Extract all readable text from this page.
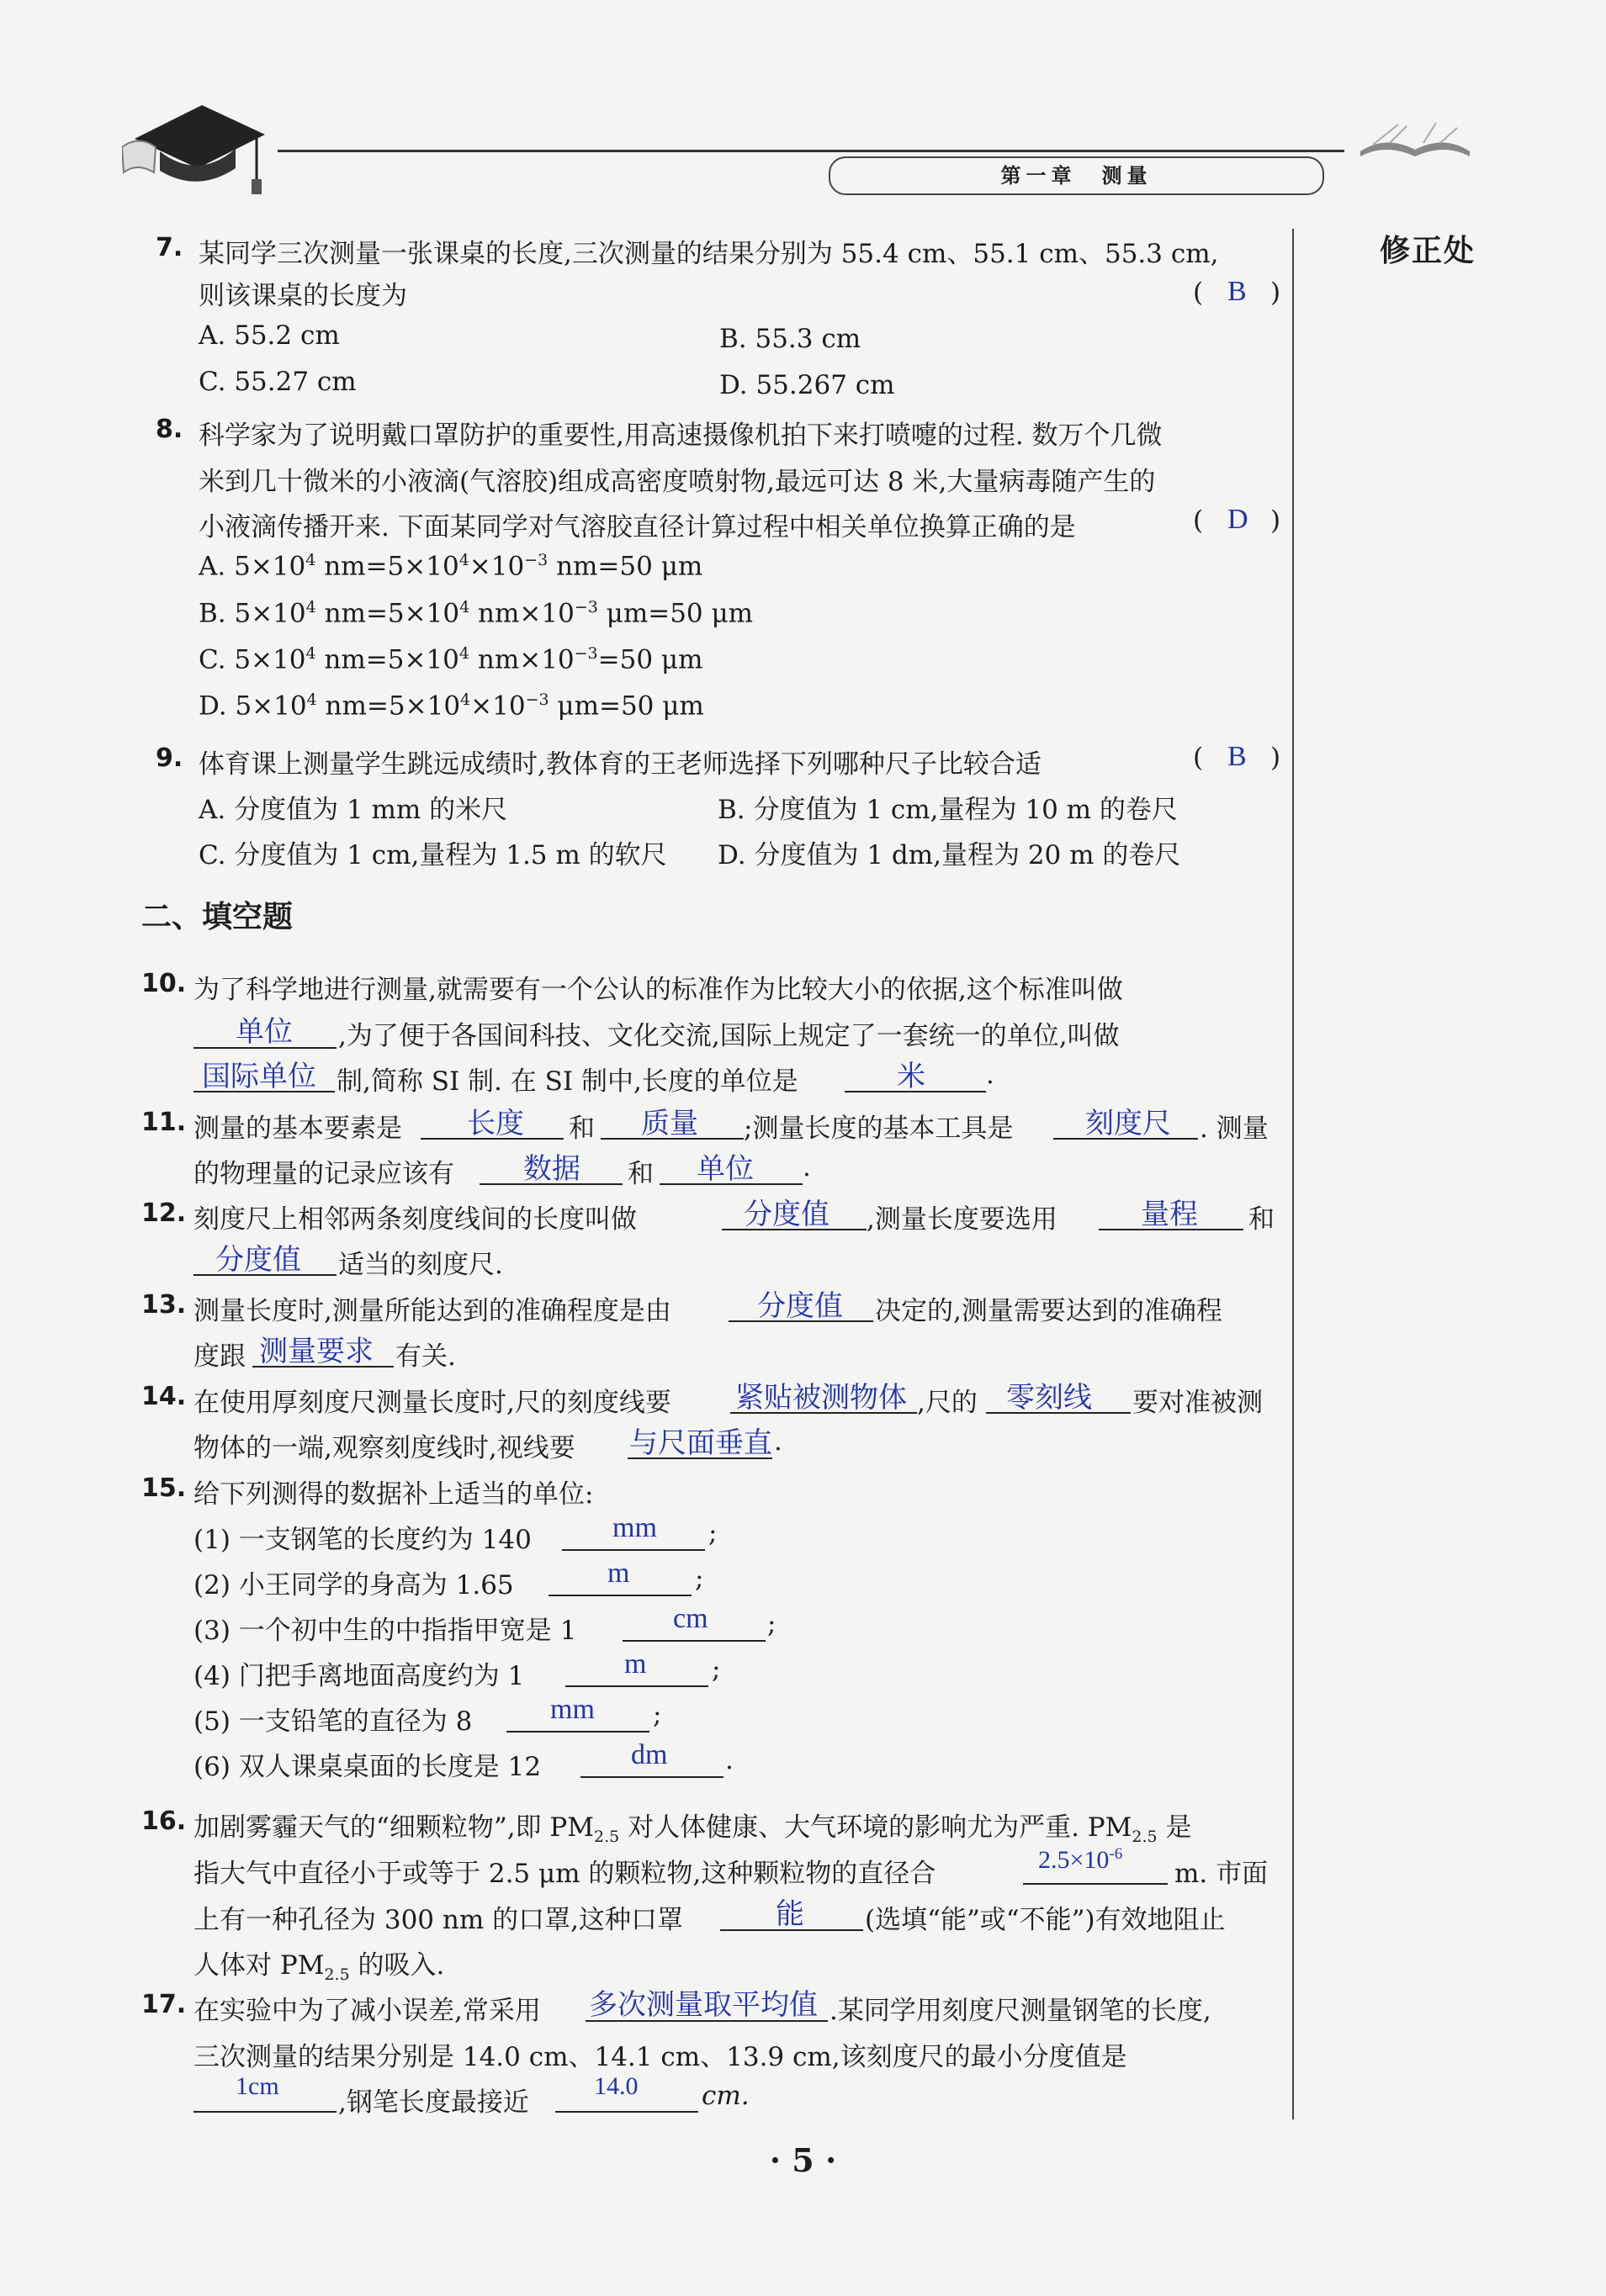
第一章　测量
修正处
7. 某同学三次测量一张课桌的长度,三次测量的结果分别为 55.4 cm、55.1 cm、55.3 cm,
则该课桌的长度为	( B )
A. 55.2 cm	B. 55.3 cm
C. 55.27 cm	D. 55.267 cm
8. 科学家为了说明戴口罩防护的重要性,用高速摄像机拍下来打喷嚏的过程. 数万个几微
米到几十微米的小液滴(气溶胶)组成高密度喷射物,最远可达 8 米,大量病毒随产生的
小液滴传播开来. 下面某同学对气溶胶直径计算过程中相关单位换算正确的是	( D )
A. $5\times 10^4$ $nm=5\times 10^4\times 10^{-3}$ nm=50 μm
B. $5\times 10^4$ $nm=5\times 10^4$ $nm\times 10^{-3}$ μm=50 μm
C. $5\times 10^4$ $nm=5\times 10^4$ $nm\times 10^{-3}=50$ μm
D. $5\times 10^4$ $nm=5\times 10^4\times 10^{-3}$ μm=50 μm
9. 体育课上测量学生跳远成绩时,教体育的王老师选择下列哪种尺子比较合适	( B )
A. 分度值为 1 mm 的米尺	B. 分度值为 1 cm,量程为 10 m 的卷尺
C. 分度值为 1 cm,量程为 1.5 m 的软尺 D. 分度值为 1 dm,量程为 20 m 的卷尺
二、填空题
10. 为了科学地进行测量,就需要有一个公认的标准作为比较大小的依据,这个标准叫做
单位 ,为了便于各国间科技、文化交流,国际上规定了一套统一的单位,叫做
国际单位 制,简称 SI 制. 在 SI 制中,长度的单位是	米 .
11. 测量的基本要素是 长度 和 质量 ;测量长度的基本工具是	刻度尺 . 测量
的物理量的记录应该有 数据 和 单位 .
12. 刻度尺上相邻两条刻度线间的长度叫做	分度值 ,测量长度要选用	量程 和
分度值 适当的刻度尺.
13. 测量长度时,测量所能达到的准确程度是由	分度值 决定的,测量需要达到的准确程
度跟 测量要求 有关.
14. 在使用厚刻度尺测量长度时,尺的刻度线要 紧贴被测物体 ,尺的 零刻线 要对准被测
物体的一端,观察刻度线时,视线要 与尺面垂直 .
15. 给下列测得的数据补上适当的单位:
(1) 一支钢笔的长度约为 140	mm ;
(2) 小王同学的身高为 1.65	m	;
(3) 一个初中生的中指指甲宽是 1	cm ;
(4) 门把手离地面高度约为 1	m	;
(5) 一支铅笔的直径为 8	mm ;
(6) 双人课桌桌面的长度是 12	dm .
16. 加剧雾霾天气的“细颗粒物”,即 $PM_{2.5}$ 对人体健康、大气环境的影响尤为严重. $PM_{2.5}$ 是
指大气中直径小于或等于 2.5 μm 的颗粒物,这种颗粒物的直径合	$2.5\times 10^{-6}$
m. 市面
上有一种孔径为 300 nm 的口罩,这种口罩	能 (选填“能”或“不能”)有效地阻止
人体对 $PM_{2.5}$ 的吸入.
17. 在实验中为了减小误差,常采用 多次测量取平均值 .某同学用刻度尺测量钢笔的长度,
三次测量的结果分别是 14.0 cm、14.1 cm、13.9 cm,该刻度尺的最小分度值是
1cm
,钢笔长度最接近
14.0 cm.
· 5 ·
